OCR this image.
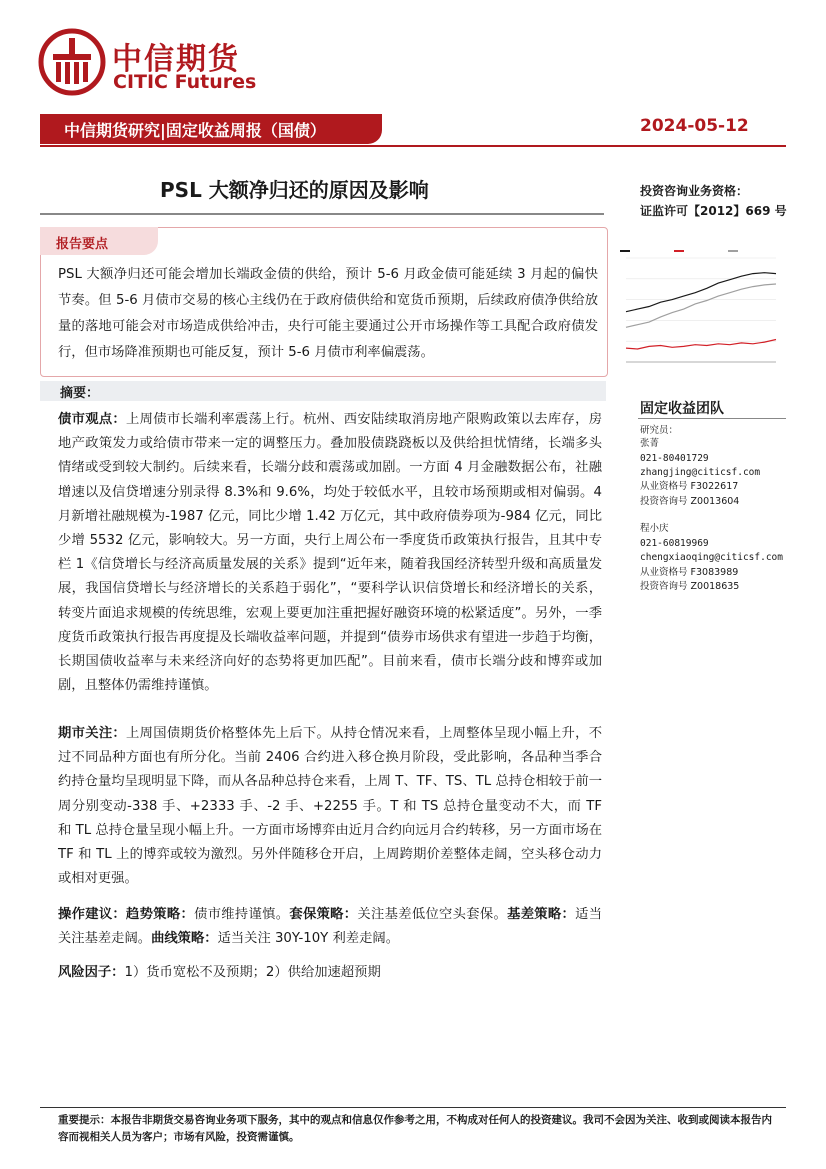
中信期货
CITIC Futures
中信期货研究|固定收益周报（国债）	2024-05-12
PSL 大额净归还的原因及影响	投资咨询业务资格：
证监许可【2012】669 号
报告要点
PSL 大额净归还可能会增加长端政金债的供给，预计 5-6 月政金债可能延续 3 月起的偏快节奏。但 5-6 月债市交易的核心主线仍在于政府债供给和宽货币预期，后续政府债净供给放量的落地可能会对市场造成供给冲击，央行可能主要通过公开市场操作等工具配合政府债发行，但市场降准预期也可能反复，预计 5-6 月债市利率偏震荡。
摘要：
债市观点：上周债市长端利率震荡上行。杭州、西安陆续取消房地产限购政策以去库存，房地产政策发力或给债市带来一定的调整压力。叠加股债跷跷板以及供给担忧情绪，长端多头情绪或受到较大制约。后续来看，长端分歧和震荡或加剧。一方面 4 月金融数据公布，社融增速以及信贷增速分别录得 8.3%和 9.6%，均处于较低水平，且较市场预期或相对偏弱。4 月新增社融规模为-1987 亿元，同比少增 1.42 万亿元，其中政府债券项为-984 亿元，同比少增 5532 亿元，影响较大。另一方面，央行上周公布一季度货币政策执行报告，且其中专栏 1《信贷增长与经济高质量发展的关系》提到“近年来，随着我国经济转型升级和高质量发展，我国信贷增长与经济增长的关系趋于弱化”，“要科学认识信贷增长和经济增长的关系，转变片面追求规模的传统思维，宏观上要更加注重把握好融资环境的松紧适度”。另外，一季度货币政策执行报告再度提及长端收益率问题，并提到“债券市场供求有望进一步趋于均衡，长期国债收益率与未来经济向好的态势将更加匹配”。目前来看，债市长端分歧和博弈或加剧，且整体仍需维持谨慎。
期市关注：上周国债期货价格整体先上后下。从持仓情况来看，上周整体呈现小幅上升，不过不同品种方面也有所分化。当前 2406 合约进入移仓换月阶段，受此影响，各品种当季合约持仓量均呈现明显下降，而从各品种总持仓来看，上周 T、TF、TS、TL 总持仓相较于前一周分别变动-338 手、+2333 手、-2 手、+2255 手。T 和 TS 总持仓量变动不大，而 TF 和 TL 总持仓量呈现小幅上升。一方面市场博弈由近月合约向远月合约转移，另一方面市场在 TF 和 TL 上的博弈或较为激烈。另外伴随移仓开启，上周跨期价差整体走阔，空头移仓动力或相对更强。
操作建议：趋势策略：债市维持谨慎。套保策略：关注基差低位空头套保。基差策略：适当关注基差走阔。曲线策略：适当关注 30Y-10Y 利差走阔。
风险因子：1）货币宽松不及预期；2）供给加速超预期
固定收益团队
研究员：
张菁
021-80401729
zhangjing@citicsf.com
从业资格号 F3022617
投资咨询号 Z0013604
程小庆
021-60819969
chengxiaoqing@citicsf.com
从业资格号 F3083989
投资咨询号 Z0018635
重要提示：本报告非期货交易咨询业务项下服务，其中的观点和信息仅作参考之用，不构成对任何人的投资建议。我司不会因为关注、收到或阅读本报告内容而视相关人员为客户；市场有风险，投资需谨慎。
